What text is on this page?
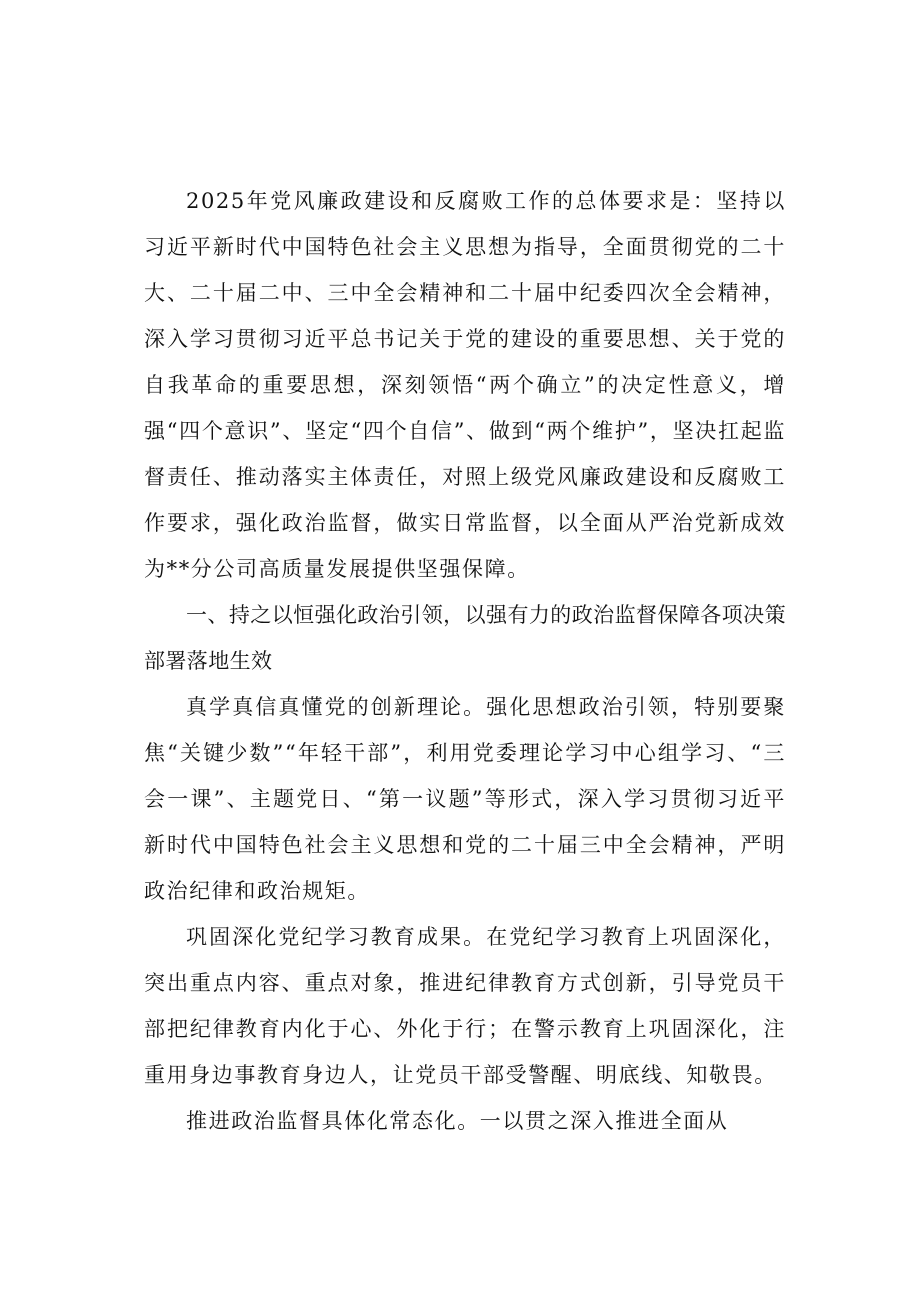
2025年党风廉政建设和反腐败工作的总体要求是：坚持以习近平新时代中国特色社会主义思想为指导，全面贯彻党的二十大、二十届二中、三中全会精神和二十届中纪委四次全会精神，深入学习贯彻习近平总书记关于党的建设的重要思想、关于党的自我革命的重要思想，深刻领悟“两个确立”的决定性意义，增强“四个意识”、坚定“四个自信”、做到“两个维护”，坚决扛起监督责任、推动落实主体责任，对照上级党风廉政建设和反腐败工作要求，强化政治监督，做实日常监督，以全面从严治党新成效为**分公司高质量发展提供坚强保障。

一、持之以恒强化政治引领，以强有力的政治监督保障各项决策部署落地生效

真学真信真懂党的创新理论。强化思想政治引领，特别要聚焦“关键少数”“年轻干部”，利用党委理论学习中心组学习、“三会一课”、主题党日、“第一议题”等形式，深入学习贯彻习近平新时代中国特色社会主义思想和党的二十届三中全会精神，严明政治纪律和政治规矩。

巩固深化党纪学习教育成果。在党纪学习教育上巩固深化，突出重点内容、重点对象，推进纪律教育方式创新，引导党员干部把纪律教育内化于心、外化于行；在警示教育上巩固深化，注重用身边事教育身边人，让党员干部受警醒、明底线、知敬畏。

推进政治监督具体化常态化。一以贯之深入推进全面从
